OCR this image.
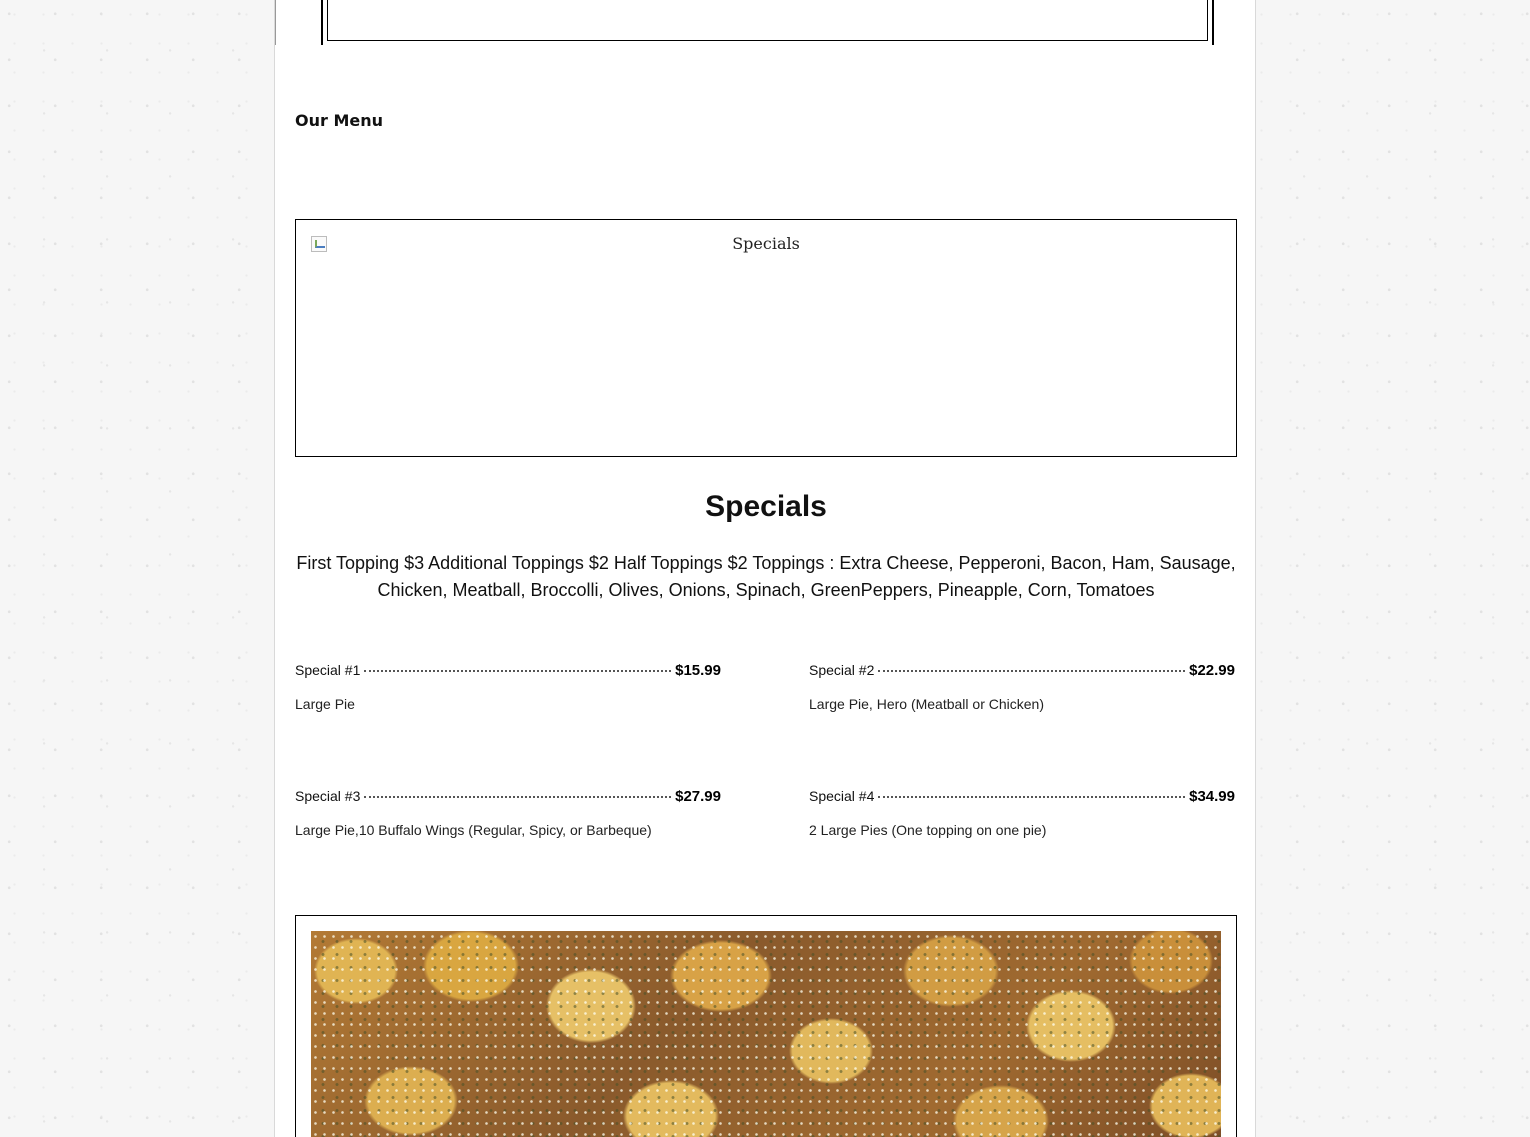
Our Menu
Specials
Specials

First Topping $3 Additional Toppings $2 Half Toppings $2 Toppings : Extra Cheese, Pepperoni, Bacon, Ham, Sausage, Chicken, Meatball, Broccolli, Olives, Onions, Spinach, GreenPeppers, Pineapple, Corn, Tomatoes

Special #1	$15.99
Large Pie
Special #2	$22.99
Large Pie, Hero (Meatball or Chicken)
Special #3	$27.99
Large Pie,10 Buffalo Wings (Regular, Spicy, or Barbeque)
Special #4	$34.99
2 Large Pies (One topping on one pie)
